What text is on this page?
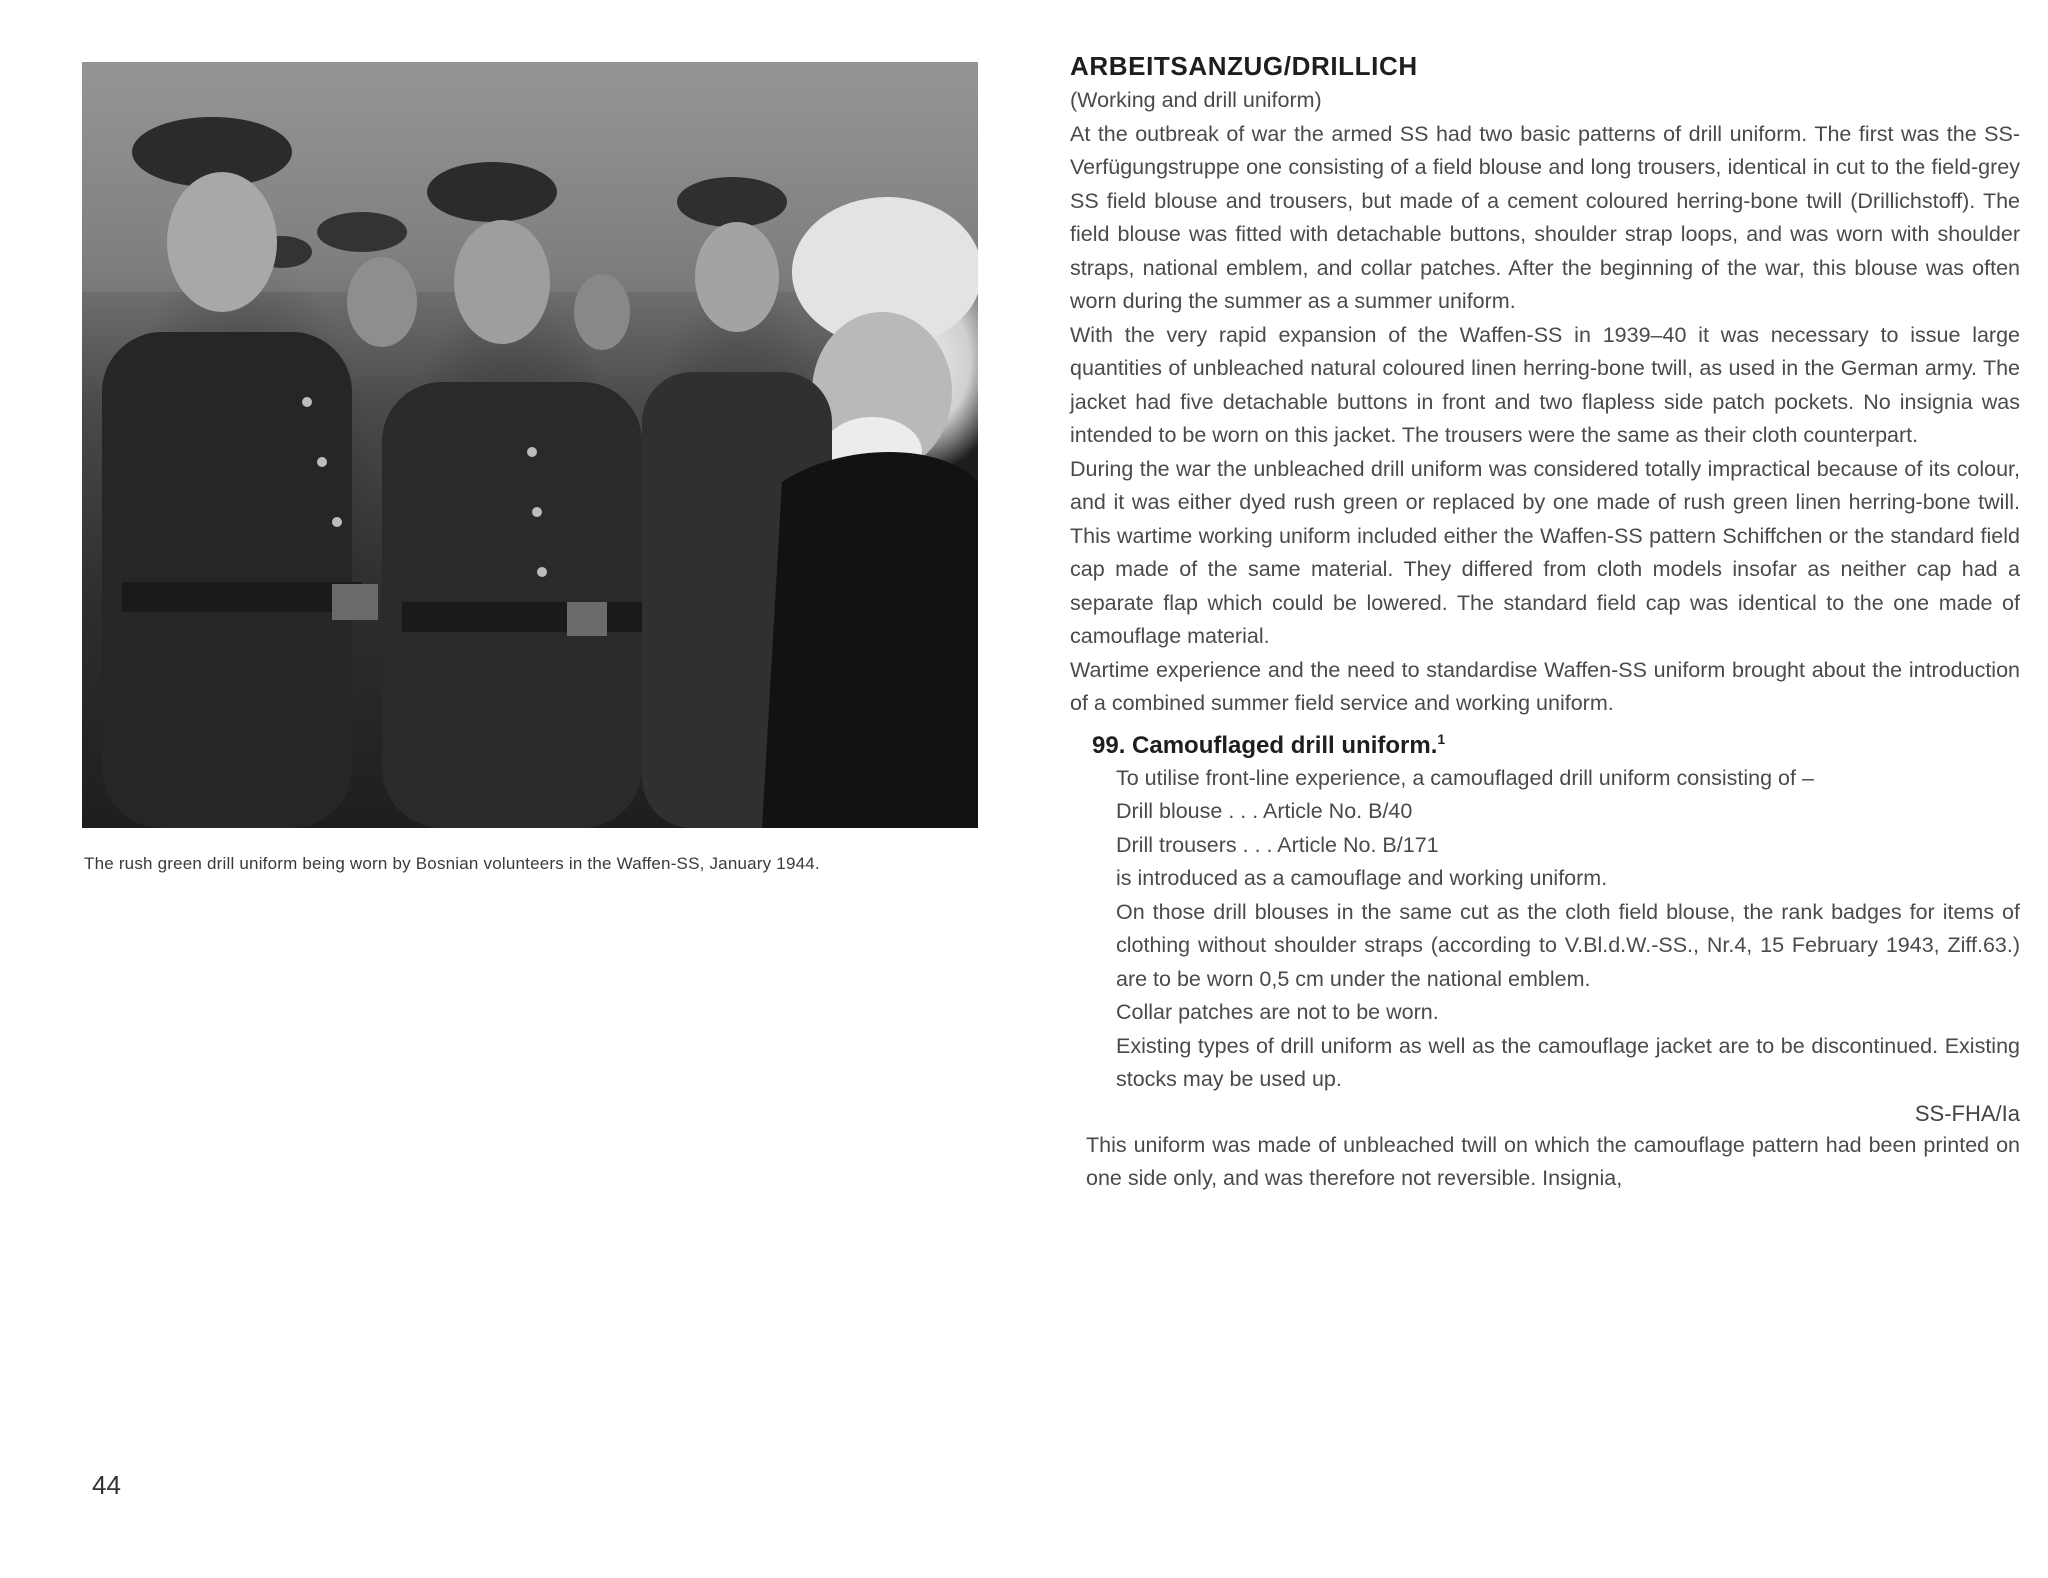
The rush green drill uniform being worn by Bosnian volunteers in the Waffen-SS, January 1944.
44
ARBEITSANZUG/DRILLICH

(Working and drill uniform)

At the outbreak of war the armed SS had two basic patterns of drill uniform. The first was the SS-Verfügungstruppe one consisting of a field blouse and long trousers, identical in cut to the field-grey SS field blouse and trousers, but made of a cement coloured herring-bone twill (Drillichstoff). The field blouse was fitted with detachable buttons, shoulder strap loops, and was worn with shoulder straps, national emblem, and collar patches. After the beginning of the war, this blouse was often worn during the summer as a summer uniform.

With the very rapid expansion of the Waffen-SS in 1939–40 it was necessary to issue large quantities of unbleached natural coloured linen herring-bone twill, as used in the German army. The jacket had five detachable buttons in front and two flapless side patch pockets. No insignia was intended to be worn on this jacket. The trousers were the same as their cloth counterpart.

During the war the unbleached drill uniform was considered totally impractical because of its colour, and it was either dyed rush green or replaced by one made of rush green linen herring-bone twill. This wartime working uniform included either the Waffen-SS pattern Schiffchen or the standard field cap made of the same material. They differed from cloth models insofar as neither cap had a separate flap which could be lowered. The standard field cap was identical to the one made of camouflage material.

Wartime experience and the need to standardise Waffen-SS uniform brought about the introduction of a combined summer field service and working uniform.

99. Camouflaged drill uniform.$^1$

To utilise front-line experience, a camouflaged drill uniform consisting of –

Drill blouse . . . Article No. B/40

Drill trousers . . . Article No. B/171

is introduced as a camouflage and working uniform.

On those drill blouses in the same cut as the cloth field blouse, the rank badges for items of clothing without shoulder straps (according to V.Bl.d.W.-SS., Nr.4, 15 February 1943, Ziff.63.) are to be worn 0,5 cm under the national emblem.

Collar patches are not to be worn.

Existing types of drill uniform as well as the camouflage jacket are to be discontinued. Existing stocks may be used up.

SS-FHA/Ia

This uniform was made of unbleached twill on which the camouflage pattern had been printed on one side only, and was therefore not reversible. Insignia,
